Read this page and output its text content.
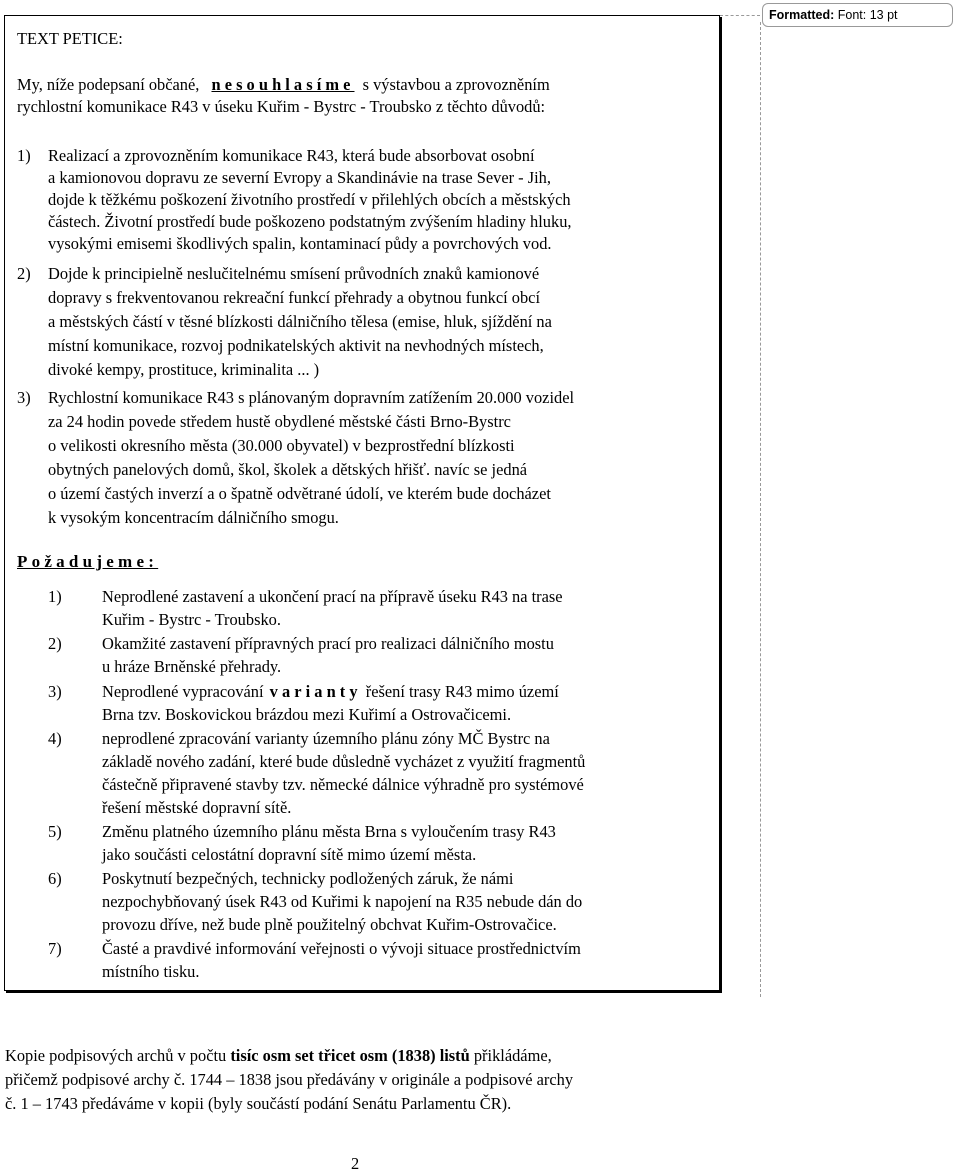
Formatted: Font: 13 pt
TEXT PETICE:
My, níže podepsaní občané, nesouhlasíme s výstavbou a zprovozněním
rychlostní komunikace R43 v úseku Kuřim - Bystrc - Troubsko z těchto důvodů:
1) Realizací a zprovozněním komunikace R43, která bude absorbovat osobní
a kamionovou dopravu ze severní Evropy a Skandinávie na trase Sever - Jih,
dojde k těžkému poškození životního prostředí v přilehlých obcích a městských
částech. Životní prostředí bude poškozeno podstatným zvýšením hladiny hluku,
vysokými emisemi škodlivých spalin, kontaminací půdy a povrchových vod.
2) Dojde k principielně neslučitelnému smísení průvodních znaků kamionové
dopravy s frekventovanou rekreační funkcí přehrady a obytnou funkcí obcí
a městských částí v těsné blízkosti dálničního tělesa (emise, hluk, sjíždění na
místní komunikace, rozvoj podnikatelských aktivit na nevhodných místech,
divoké kempy, prostituce, kriminalita ... )
3) Rychlostní komunikace R43 s plánovaným dopravním zatížením 20.000 vozidel
za 24 hodin povede středem hustě obydlené městské části Brno-Bystrc
o velikosti okresního města (30.000 obyvatel) v bezprostřední blízkosti
obytných panelových domů, škol, školek a dětských hřišť. navíc se jedná
o území častých inverzí a o špatně odvětrané údolí, ve kterém bude docházet
k vysokým koncentracím dálničního smogu.
Požadujeme:
1) Neprodlené zastavení a ukončení prací na přípravě úseku R43 na trase
Kuřim - Bystrc - Troubsko.
2) Okamžité zastavení přípravných prací pro realizaci dálničního mostu
u hráze Brněnské přehrady.
3) Neprodlené vypracování varianty řešení trasy R43 mimo území
Brna tzv. Boskovickou brázdou mezi Kuřimí a Ostrovačicemi.
4) neprodlené zpracování varianty územního plánu zóny MČ Bystrc na
základě nového zadání, které bude důsledně vycházet z využití fragmentů
částečně připravené stavby tzv. německé dálnice výhradně pro systémové
řešení městské dopravní sítě.
5) Změnu platného územního plánu města Brna s vyloučením trasy R43
jako součásti celostátní dopravní sítě mimo území města.
6) Poskytnutí bezpečných, technicky podložených záruk, že námi
nezpochybňovaný úsek R43 od Kuřimi k napojení na R35 nebude dán do
provozu dříve, než bude plně použitelný obchvat Kuřim-Ostrovačice.
7) Časté a pravdivé informování veřejnosti o vývoji situace prostřednictvím
místního tisku.
Kopie podpisových archů v počtu tisíc osm set třicet osm (1838) listů přikládáme,
přičemž podpisové archy č. 1744 – 1838 jsou předávány v originále a podpisové archy
č. 1 – 1743 předáváme v kopii (byly součástí podání Senátu Parlamentu ČR).
2
